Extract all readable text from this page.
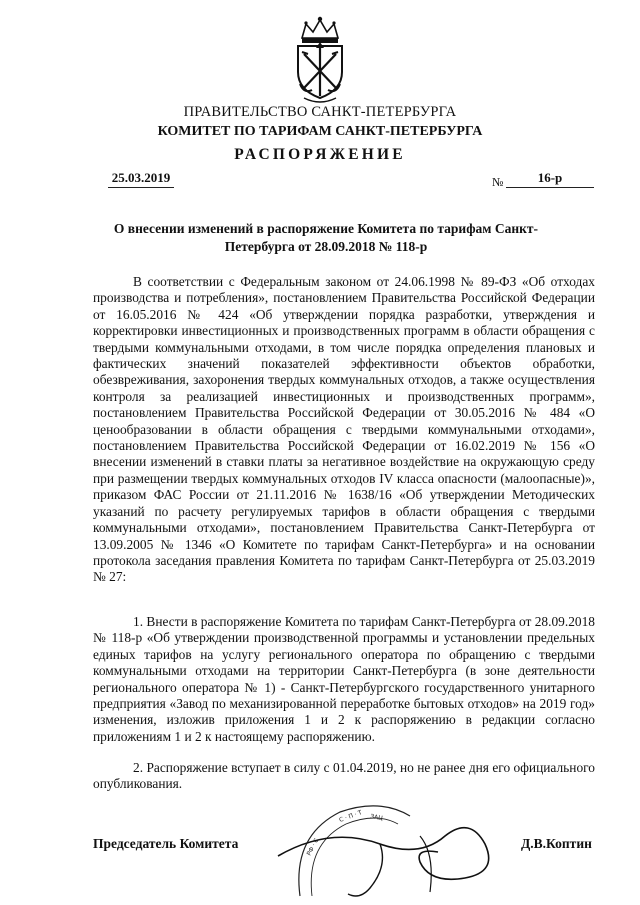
ПРАВИТЕЛЬСТВО САНКТ-ПЕТЕРБУРГА
КОМИТЕТ ПО ТАРИФАМ САНКТ-ПЕТЕРБУРГА
РАСПОРЯЖЕНИЕ
25.03.2019	№	16-р
О внесении изменений в распоряжение Комитета по тарифам Санкт-Петербурга от 28.09.2018 № 118-р
В соответствии с Федеральным законом от 24.06.1998 № 89-ФЗ «Об отходах производства и потребления», постановлением Правительства Российской Федерации от 16.05.2016 № 424 «Об утверждении порядка разработки, утверждения и корректировки инвестиционных и производственных программ в области обращения с твердыми коммунальными отходами, в том числе порядка определения плановых и фактических значений показателей эффективности объектов обработки, обезвреживания, захоронения твердых коммунальных отходов, а также осуществления контроля за реализацией инвестиционных и производственных программ», постановлением Правительства Российской Федерации от 30.05.2016 № 484 «О ценообразовании в области обращения с твердыми коммунальными отходами», постановлением Правительства Российской Федерации от 16.02.2019 № 156 «О внесении изменений в ставки платы за негативное воздействие на окружающую среду при размещении твердых коммунальных отходов IV класса опасности (малоопасные)», приказом ФАС России от 21.11.2016 № 1638/16 «Об утверждении Методических указаний по расчету регулируемых тарифов в области обращения с твердыми коммунальными отходами», постановлением Правительства Санкт-Петербурга от 13.09.2005 № 1346 «О Комитете по тарифам Санкт-Петербурга» и на основании протокола заседания правления Комитета по тарифам Санкт-Петербурга от 25.03.2019 № 27:
1. Внести в распоряжение Комитета по тарифам Санкт-Петербурга от 28.09.2018 № 118-р «Об утверждении производственной программы и установлении предельных единых тарифов на услугу регионального оператора по обращению с твердыми коммунальными отходами на территории Санкт-Петербурга (в зоне деятельности регионального оператора № 1) - Санкт-Петербургского государственного унитарного предприятия «Завод по механизированной переработке бытовых отходов» на 2019 год» изменения, изложив приложения 1 и 2 к распоряжению в редакции согласно приложениям 1 и 2 к настоящему распоряжению.
2. Распоряжение вступает в силу с 01.04.2019, но не ранее дня его официального опубликования.
РФ · С
С · П · Т ЗАЦ
Председатель Комитета	Д.В.Коптин
